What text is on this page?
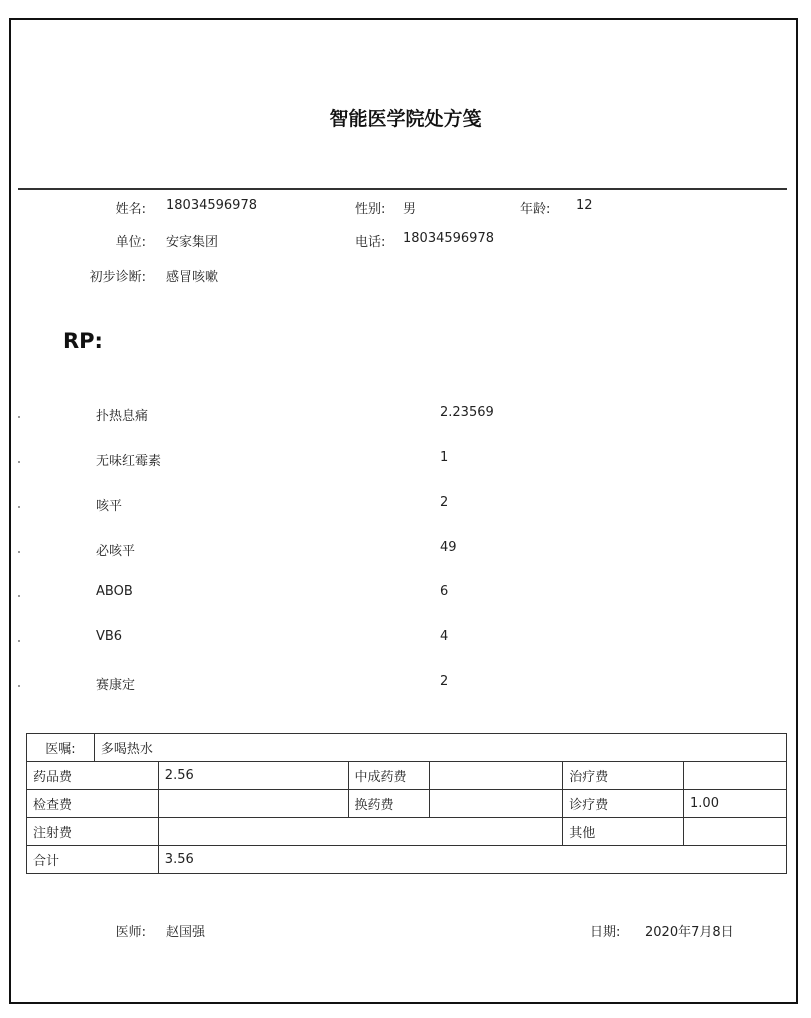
智能医学院处方笺
姓名: 18034596978	性别: 男	年龄: 12
单位: 安家集团	电话: 18034596978
初步诊断: 感冒咳嗽
RP:
扑热息痛	2.23569
无味红霉素	1
咳平	2
必咳平	49
ABOB	6
VB6	4
赛康定	2
医嘱:	多喝热水					
药品费		2.56	中成药费		治疗费	
检查费			换药费		诊疗费	1.00
注射费					其他	
合计		3.56				
医师: 赵国强	日期: 2020年7月8日
